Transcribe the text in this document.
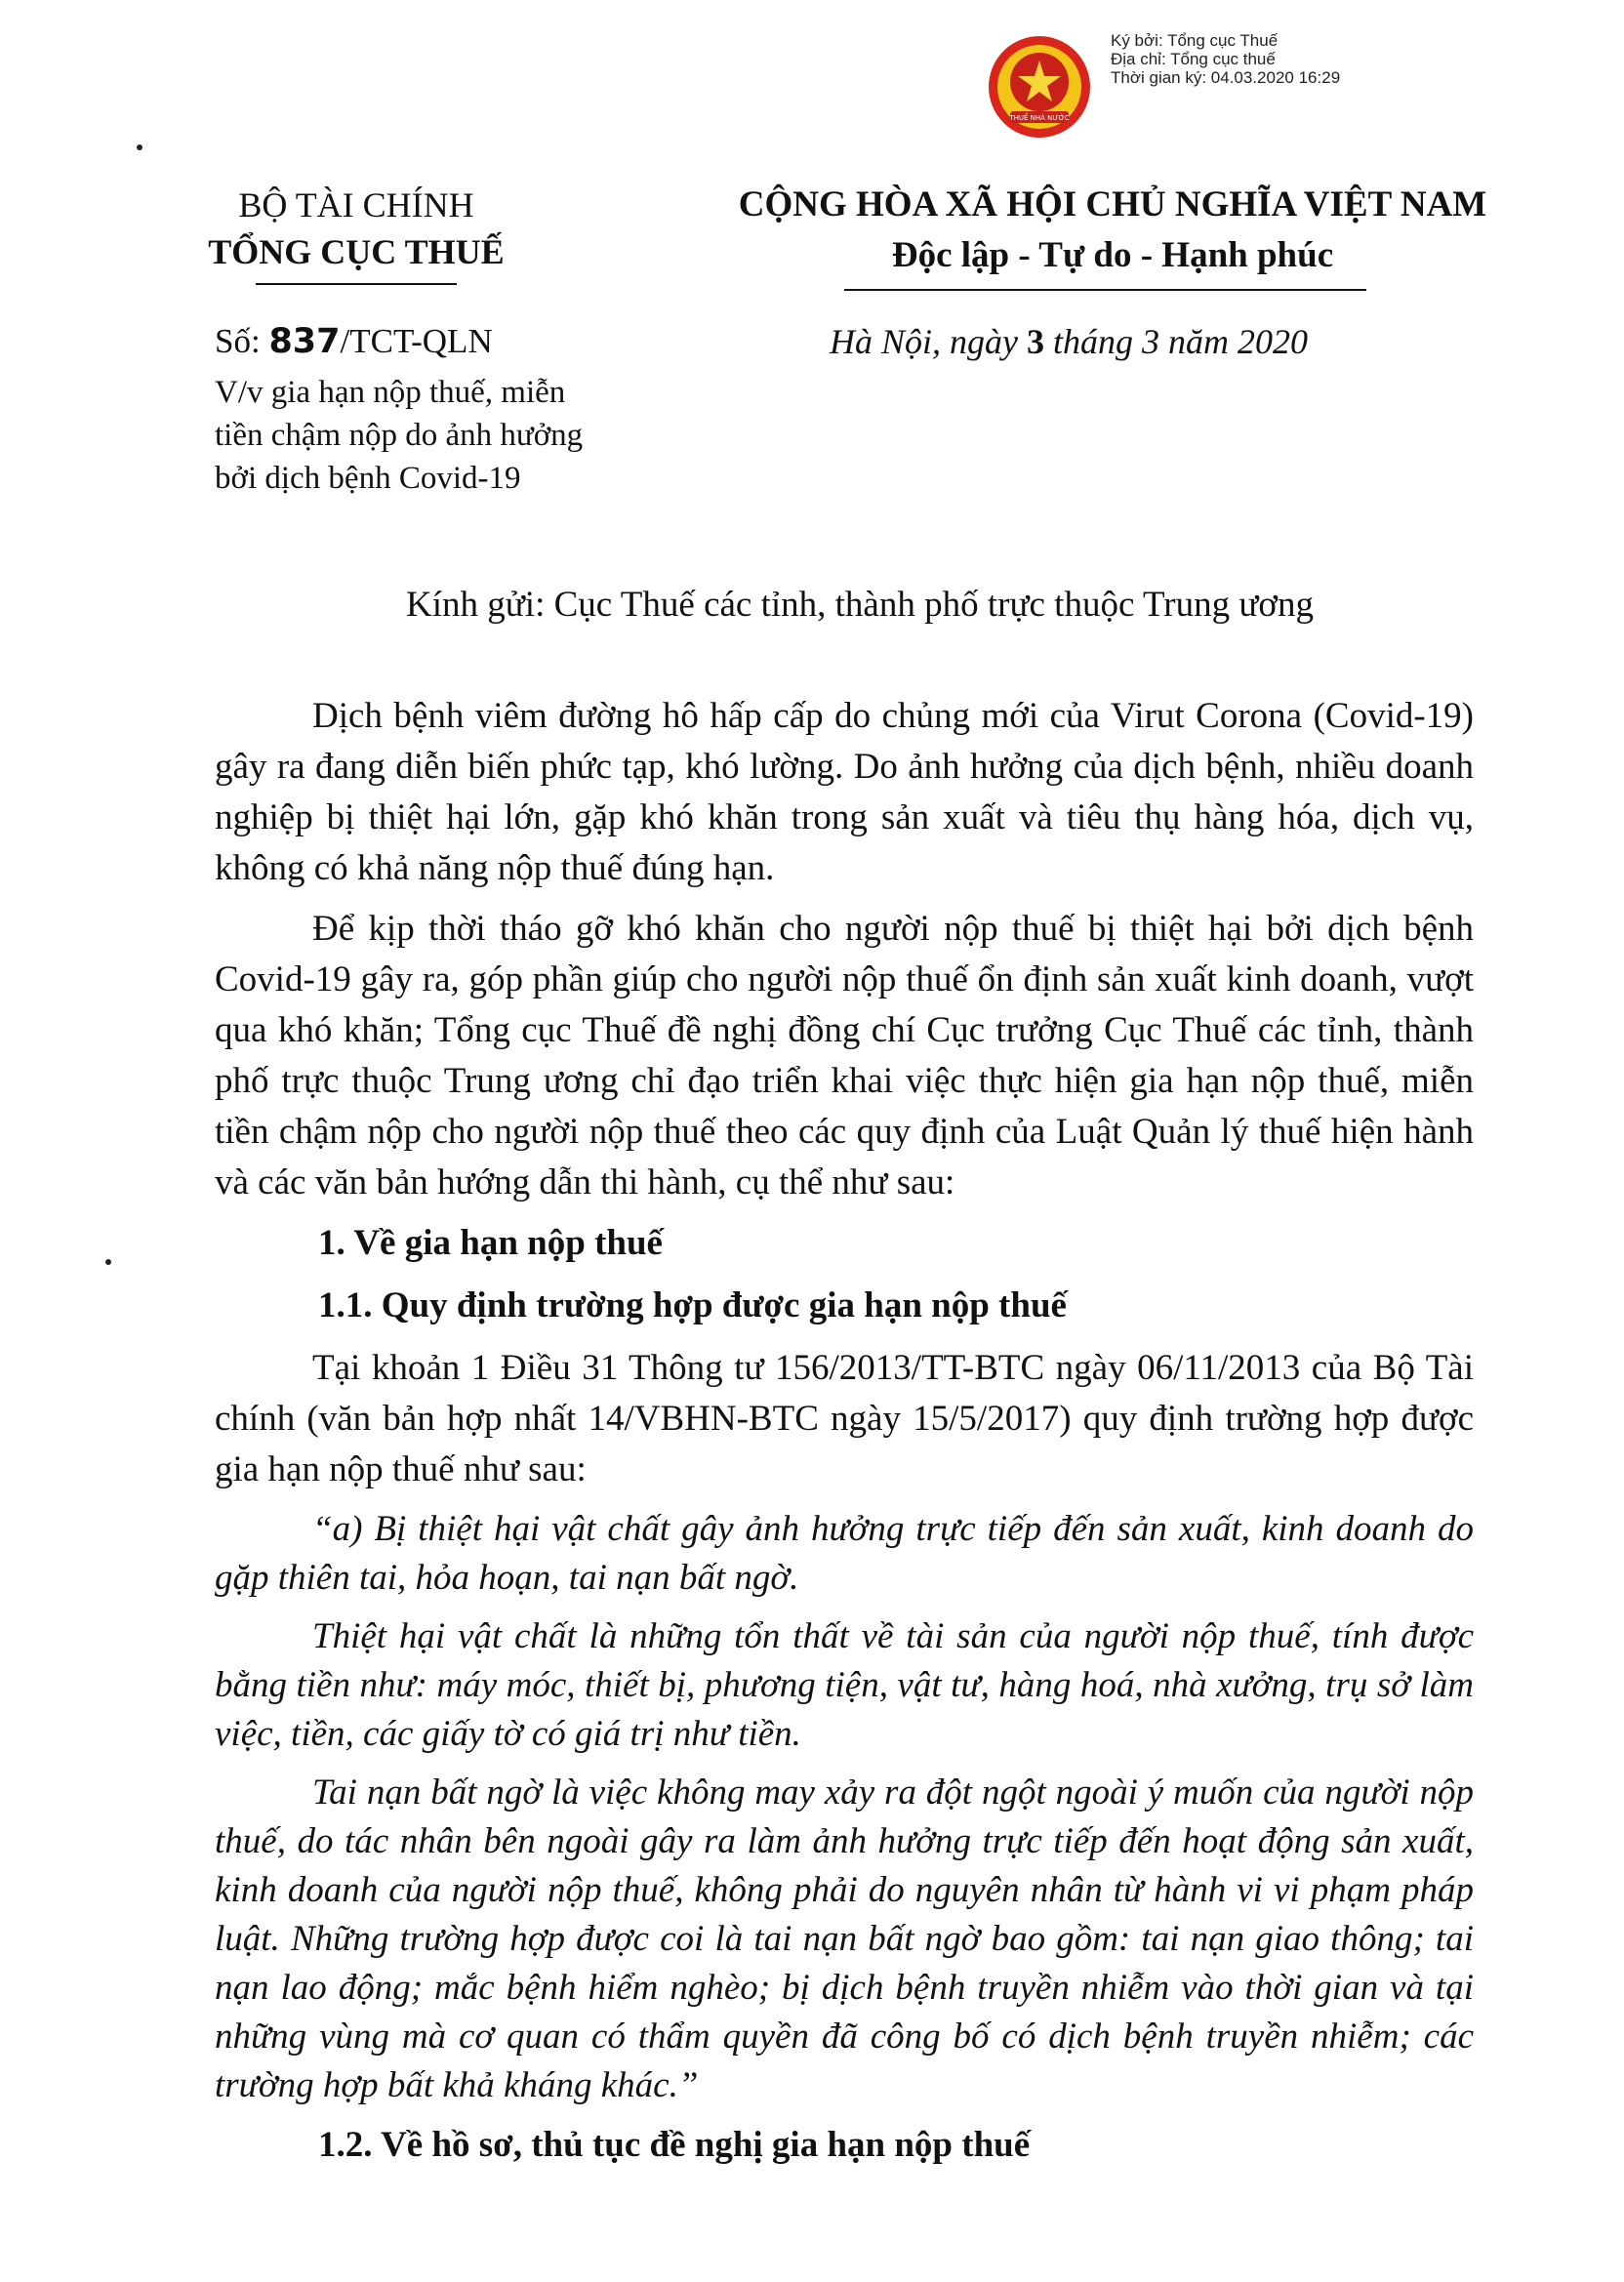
THUẾ NHÀ NƯỚC
Ký bởi: Tổng cục Thuế
Địa chỉ: Tổng cục thuế
Thời gian ký: 04.03.2020 16:29
BỘ TÀI CHÍNH
TỔNG CỤC THUẾ
CỘNG HÒA XÃ HỘI CHỦ NGHĨA VIỆT NAM
Độc lập - Tự do - Hạnh phúc
Số: 837/TCT-QLN
V/v gia hạn nộp thuế, miễn
tiền chậm nộp do ảnh hưởng
bởi dịch bệnh Covid-19
Hà Nội, ngày 3 tháng 3 năm 2020
Kính gửi: Cục Thuế các tỉnh, thành phố trực thuộc Trung ương

Dịch bệnh viêm đường hô hấp cấp do chủng mới của Virut Corona (Covid-19) gây ra đang diễn biến phức tạp, khó lường. Do ảnh hưởng của dịch bệnh, nhiều doanh nghiệp bị thiệt hại lớn, gặp khó khăn trong sản xuất và tiêu thụ hàng hóa, dịch vụ, không có khả năng nộp thuế đúng hạn.

Để kịp thời tháo gỡ khó khăn cho người nộp thuế bị thiệt hại bởi dịch bệnh Covid-19 gây ra, góp phần giúp cho người nộp thuế ổn định sản xuất kinh doanh, vượt qua khó khăn; Tổng cục Thuế đề nghị đồng chí Cục trưởng Cục Thuế các tỉnh, thành phố trực thuộc Trung ương chỉ đạo triển khai việc thực hiện gia hạn nộp thuế, miễn tiền chậm nộp cho người nộp thuế theo các quy định của Luật Quản lý thuế hiện hành và các văn bản hướng dẫn thi hành, cụ thể như sau:

1. Về gia hạn nộp thuế
1.1. Quy định trường hợp được gia hạn nộp thuế

Tại khoản 1 Điều 31 Thông tư 156/2013/TT-BTC ngày 06/11/2013 của Bộ Tài chính (văn bản hợp nhất 14/VBHN-BTC ngày 15/5/2017) quy định trường hợp được gia hạn nộp thuế như sau:

“a) Bị thiệt hại vật chất gây ảnh hưởng trực tiếp đến sản xuất, kinh doanh do gặp thiên tai, hỏa hoạn, tai nạn bất ngờ.

Thiệt hại vật chất là những tổn thất về tài sản của người nộp thuế, tính được bằng tiền như: máy móc, thiết bị, phương tiện, vật tư, hàng hoá, nhà xưởng, trụ sở làm việc, tiền, các giấy tờ có giá trị như tiền.

Tai nạn bất ngờ là việc không may xảy ra đột ngột ngoài ý muốn của người nộp thuế, do tác nhân bên ngoài gây ra làm ảnh hưởng trực tiếp đến hoạt động sản xuất, kinh doanh của người nộp thuế, không phải do nguyên nhân từ hành vi vi phạm pháp luật. Những trường hợp được coi là tai nạn bất ngờ bao gồm: tai nạn giao thông; tai nạn lao động; mắc bệnh hiểm nghèo; bị dịch bệnh truyền nhiễm vào thời gian và tại những vùng mà cơ quan có thẩm quyền đã công bố có dịch bệnh truyền nhiễm; các trường hợp bất khả kháng khác.”

1.2. Về hồ sơ, thủ tục đề nghị gia hạn nộp thuế
